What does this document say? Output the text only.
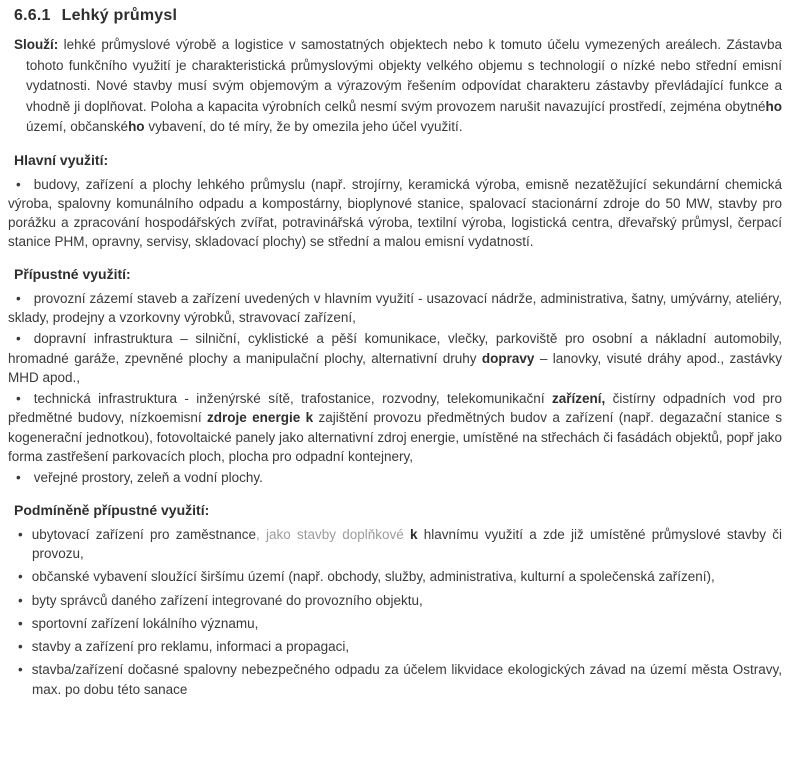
6.6.1 Lehký průmysl

Slouží: lehké průmyslové výrobě a logistice v samostatných objektech nebo k tomuto účelu vymezených areálech. Zástavba tohoto funkčního využití je charakteristická průmyslovými objekty velkého objemu s technologií o nízké nebo střední emisní vydatnosti. Nové stavby musí svým objemovým a výrazovým řešením odpovídat charakteru zástavby převládající funkce a vhodně ji doplňovat. Poloha a kapacita výrobních celků nesmí svým provozem narušit navazující prostředí, zejména obytného území, občanského vybavení, do té míry, že by omezila jeho účel využití.

Hlavní využití:

• budovy, zařízení a plochy lehkého průmyslu (např. strojírny, keramická výroba, emisně nezatěžující sekundární chemická výroba, spalovny komunálního odpadu a kompostárny, bioplynové stanice, spalovací stacionární zdroje do 50 MW, stavby pro porážku a zpracování hospodářských zvířat, potravinářská výroba, textilní výroba, logistická centra, dřevařský průmysl, čerpací stanice PHM, opravny, servisy, skladovací plochy) se střední a malou emisní vydatností.

Přípustné využití:

• provozní zázemí staveb a zařízení uvedených v hlavním využití - usazovací nádrže, administrativa, šatny, umývárny, ateliéry, sklady, prodejny a vzorkovny výrobků, stravovací zařízení,

• dopravní infrastruktura – silniční, cyklistické a pěší komunikace, vlečky, parkoviště pro osobní a nákladní automobily, hromadné garáže, zpevněné plochy a manipulační plochy, alternativní druhy dopravy – lanovky, visuté dráhy apod., zastávky MHD apod.,

• technická infrastruktura - inženýrské sítě, trafostanice, rozvodny, telekomunikační zařízení, čistírny odpadních vod pro předmětné budovy, nízkoemisní zdroje energie k zajištění provozu předmětných budov a zařízení (např. degazační stanice s kogenerační jednotkou), fotovoltaické panely jako alternativní zdroj energie, umístěné na střechách či fasádách objektů, popř jako forma zastřešení parkovacích ploch, plocha pro odpadní kontejnery,

• veřejné prostory, zeleň a vodní plochy.

Podmíněně přípustné využití:

• ubytovací zařízení pro zaměstnance, jako stavby doplňkové k hlavnímu využití a zde již umístěné průmyslové stavby či provozu,

• občanské vybavení sloužící širšímu území (např. obchody, služby, administrativa, kulturní a společenská zařízení),

• byty správců daného zařízení integrované do provozního objektu,

• sportovní zařízení lokálního významu,

• stavby a zařízení pro reklamu, informaci a propagaci,

• stavba/zařízení dočasné spalovny nebezpečného odpadu za účelem likvidace ekologických závad na území města Ostravy, max. po dobu této sanace
